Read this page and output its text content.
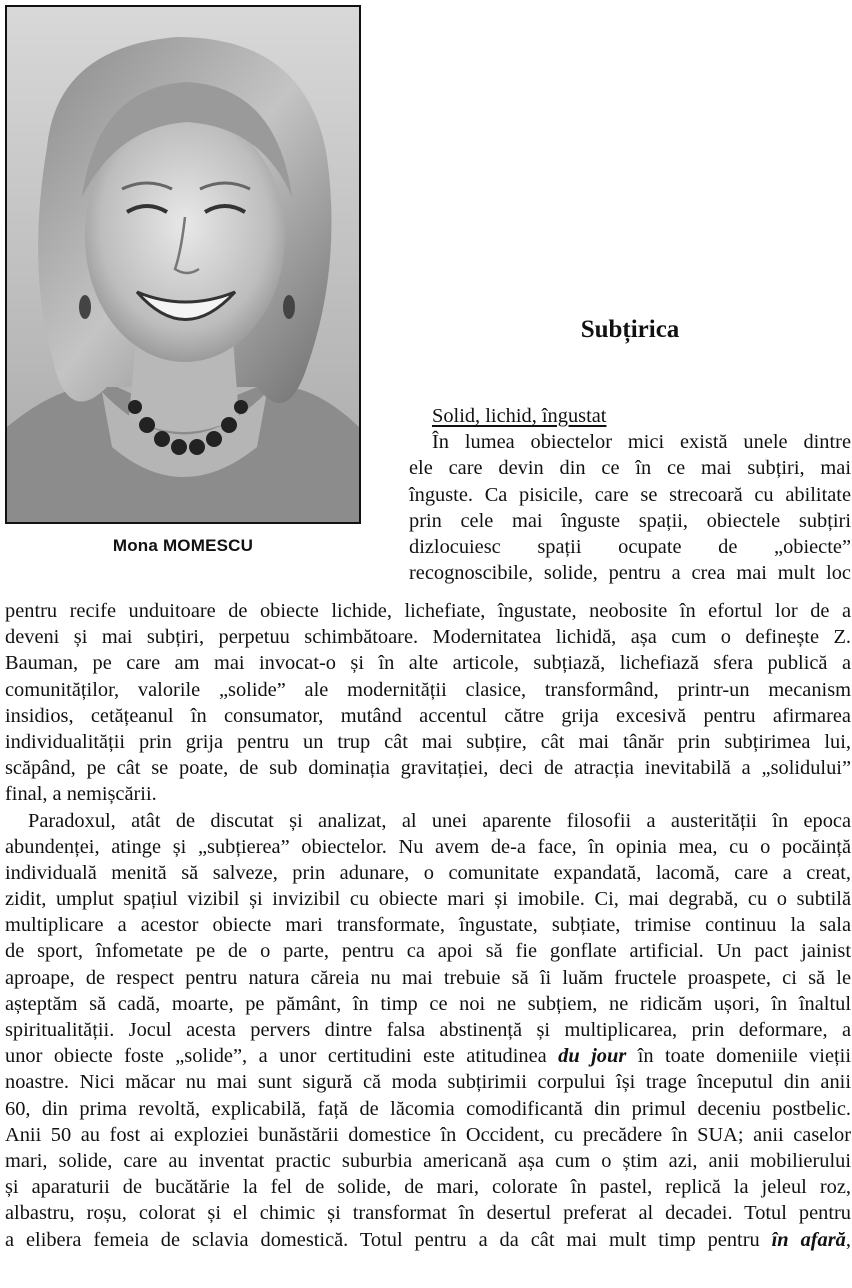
Mona MOMESCU
Subțirica
Solid, lichid, îngustat
În lumea obiectelor mici există unele dintre
ele care devin din ce în ce mai subțiri, mai
înguste. Ca pisicile, care se strecoară cu abilitate
prin cele mai înguste spații, obiectele subțiri
dizlocuiesc spații ocupate de „obiecte”
recognoscibile, solide, pentru a crea mai mult loc
pentru recife unduitoare de obiecte lichide, lichefiate, îngustate, neobosite în efortul lor de a
deveni și mai subțiri, perpetuu schimbătoare. Modernitatea lichidă, așa cum o definește Z.
Bauman, pe care am mai invocat-o și în alte articole, subțiază, lichefiază sfera publică a
comunităților, valorile „solide” ale modernității clasice, transformând, printr-un mecanism
insidios, cetățeanul în consumator, mutând accentul către grija excesivă pentru afirmarea
individualității prin grija pentru un trup cât mai subțire, cât mai tânăr prin subțirimea lui,
scăpând, pe cât se poate, de sub dominația gravitației, deci de atracția inevitabilă a „solidului”
final, a nemișcării.
Paradoxul, atât de discutat și analizat, al unei aparente filosofii a austerității în epoca
abundenței, atinge și „subțierea” obiectelor. Nu avem de-a face, în opinia mea, cu o pocăință
individuală menită să salveze, prin adunare, o comunitate expandată, lacomă, care a creat,
zidit, umplut spațiul vizibil și invizibil cu obiecte mari și imobile. Ci, mai degrabă, cu o subtilă
multiplicare a acestor obiecte mari transformate, îngustate, subțiate, trimise continuu la sala
de sport, înfometate pe de o parte, pentru ca apoi să fie gonflate artificial. Un pact jainist
aproape, de respect pentru natura căreia nu mai trebuie să îi luăm fructele proaspete, ci să le
așteptăm să cadă, moarte, pe pământ, în timp ce noi ne subțiem, ne ridicăm ușori, în înaltul
spiritualității. Jocul acesta pervers dintre falsa abstinență și multiplicarea, prin deformare, a
unor obiecte foste „solide”, a unor certitudini este atitudinea du jour în toate domeniile vieții
noastre. Nici măcar nu mai sunt sigură că moda subțirimii corpului își trage începutul din anii
60, din prima revoltă, explicabilă, față de lăcomia comodificantă din primul deceniu postbelic.
Anii 50 au fost ai exploziei bunăstării domestice în Occident, cu precădere în SUA; anii caselor
mari, solide, care au inventat practic suburbia americană așa cum o știm azi, anii mobilierului
și aparaturii de bucătărie la fel de solide, de mari, colorate în pastel, replică la jeleul roz,
albastru, roșu, colorat și el chimic și transformat în desertul preferat al decadei. Totul pentru
a elibera femeia de sclavia domestică. Totul pentru a da cât mai mult timp pentru în afară,
